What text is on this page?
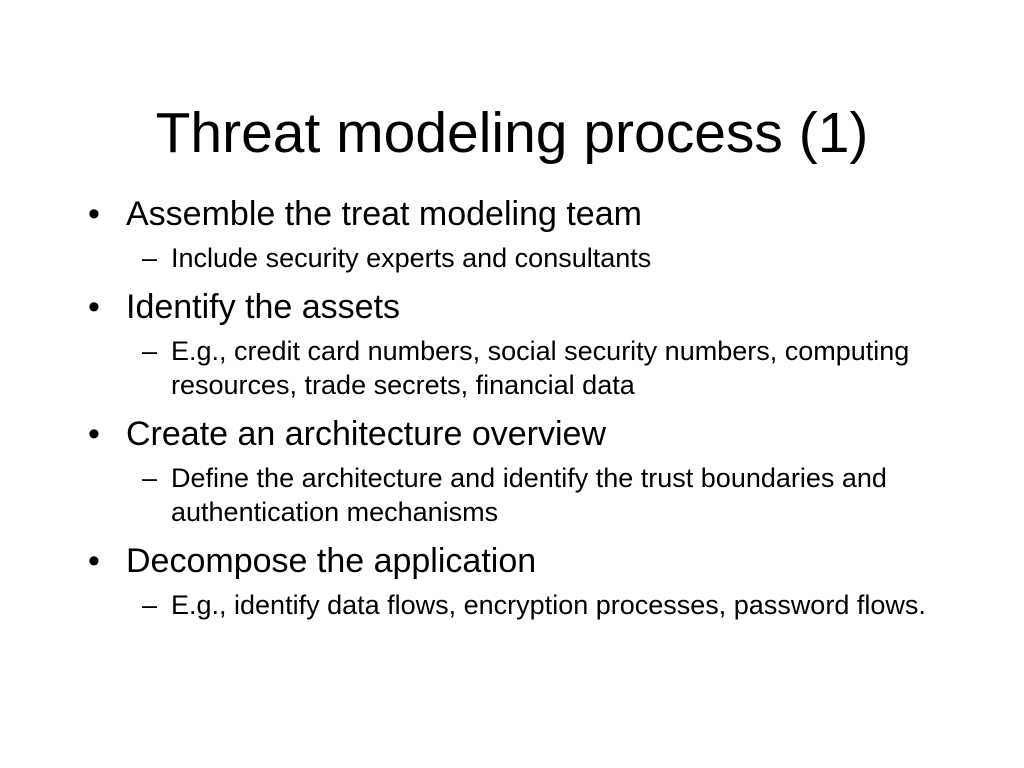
Threat modeling process (1)
• Assemble the treat modeling team
– Include security experts and consultants
• Identify the assets
– E.g., credit card numbers, social security numbers, computing resources, trade secrets, financial data
• Create an architecture overview
– Define the architecture and identify the trust boundaries and authentication mechanisms
• Decompose the application
– E.g., identify data flows, encryption processes, password flows.
